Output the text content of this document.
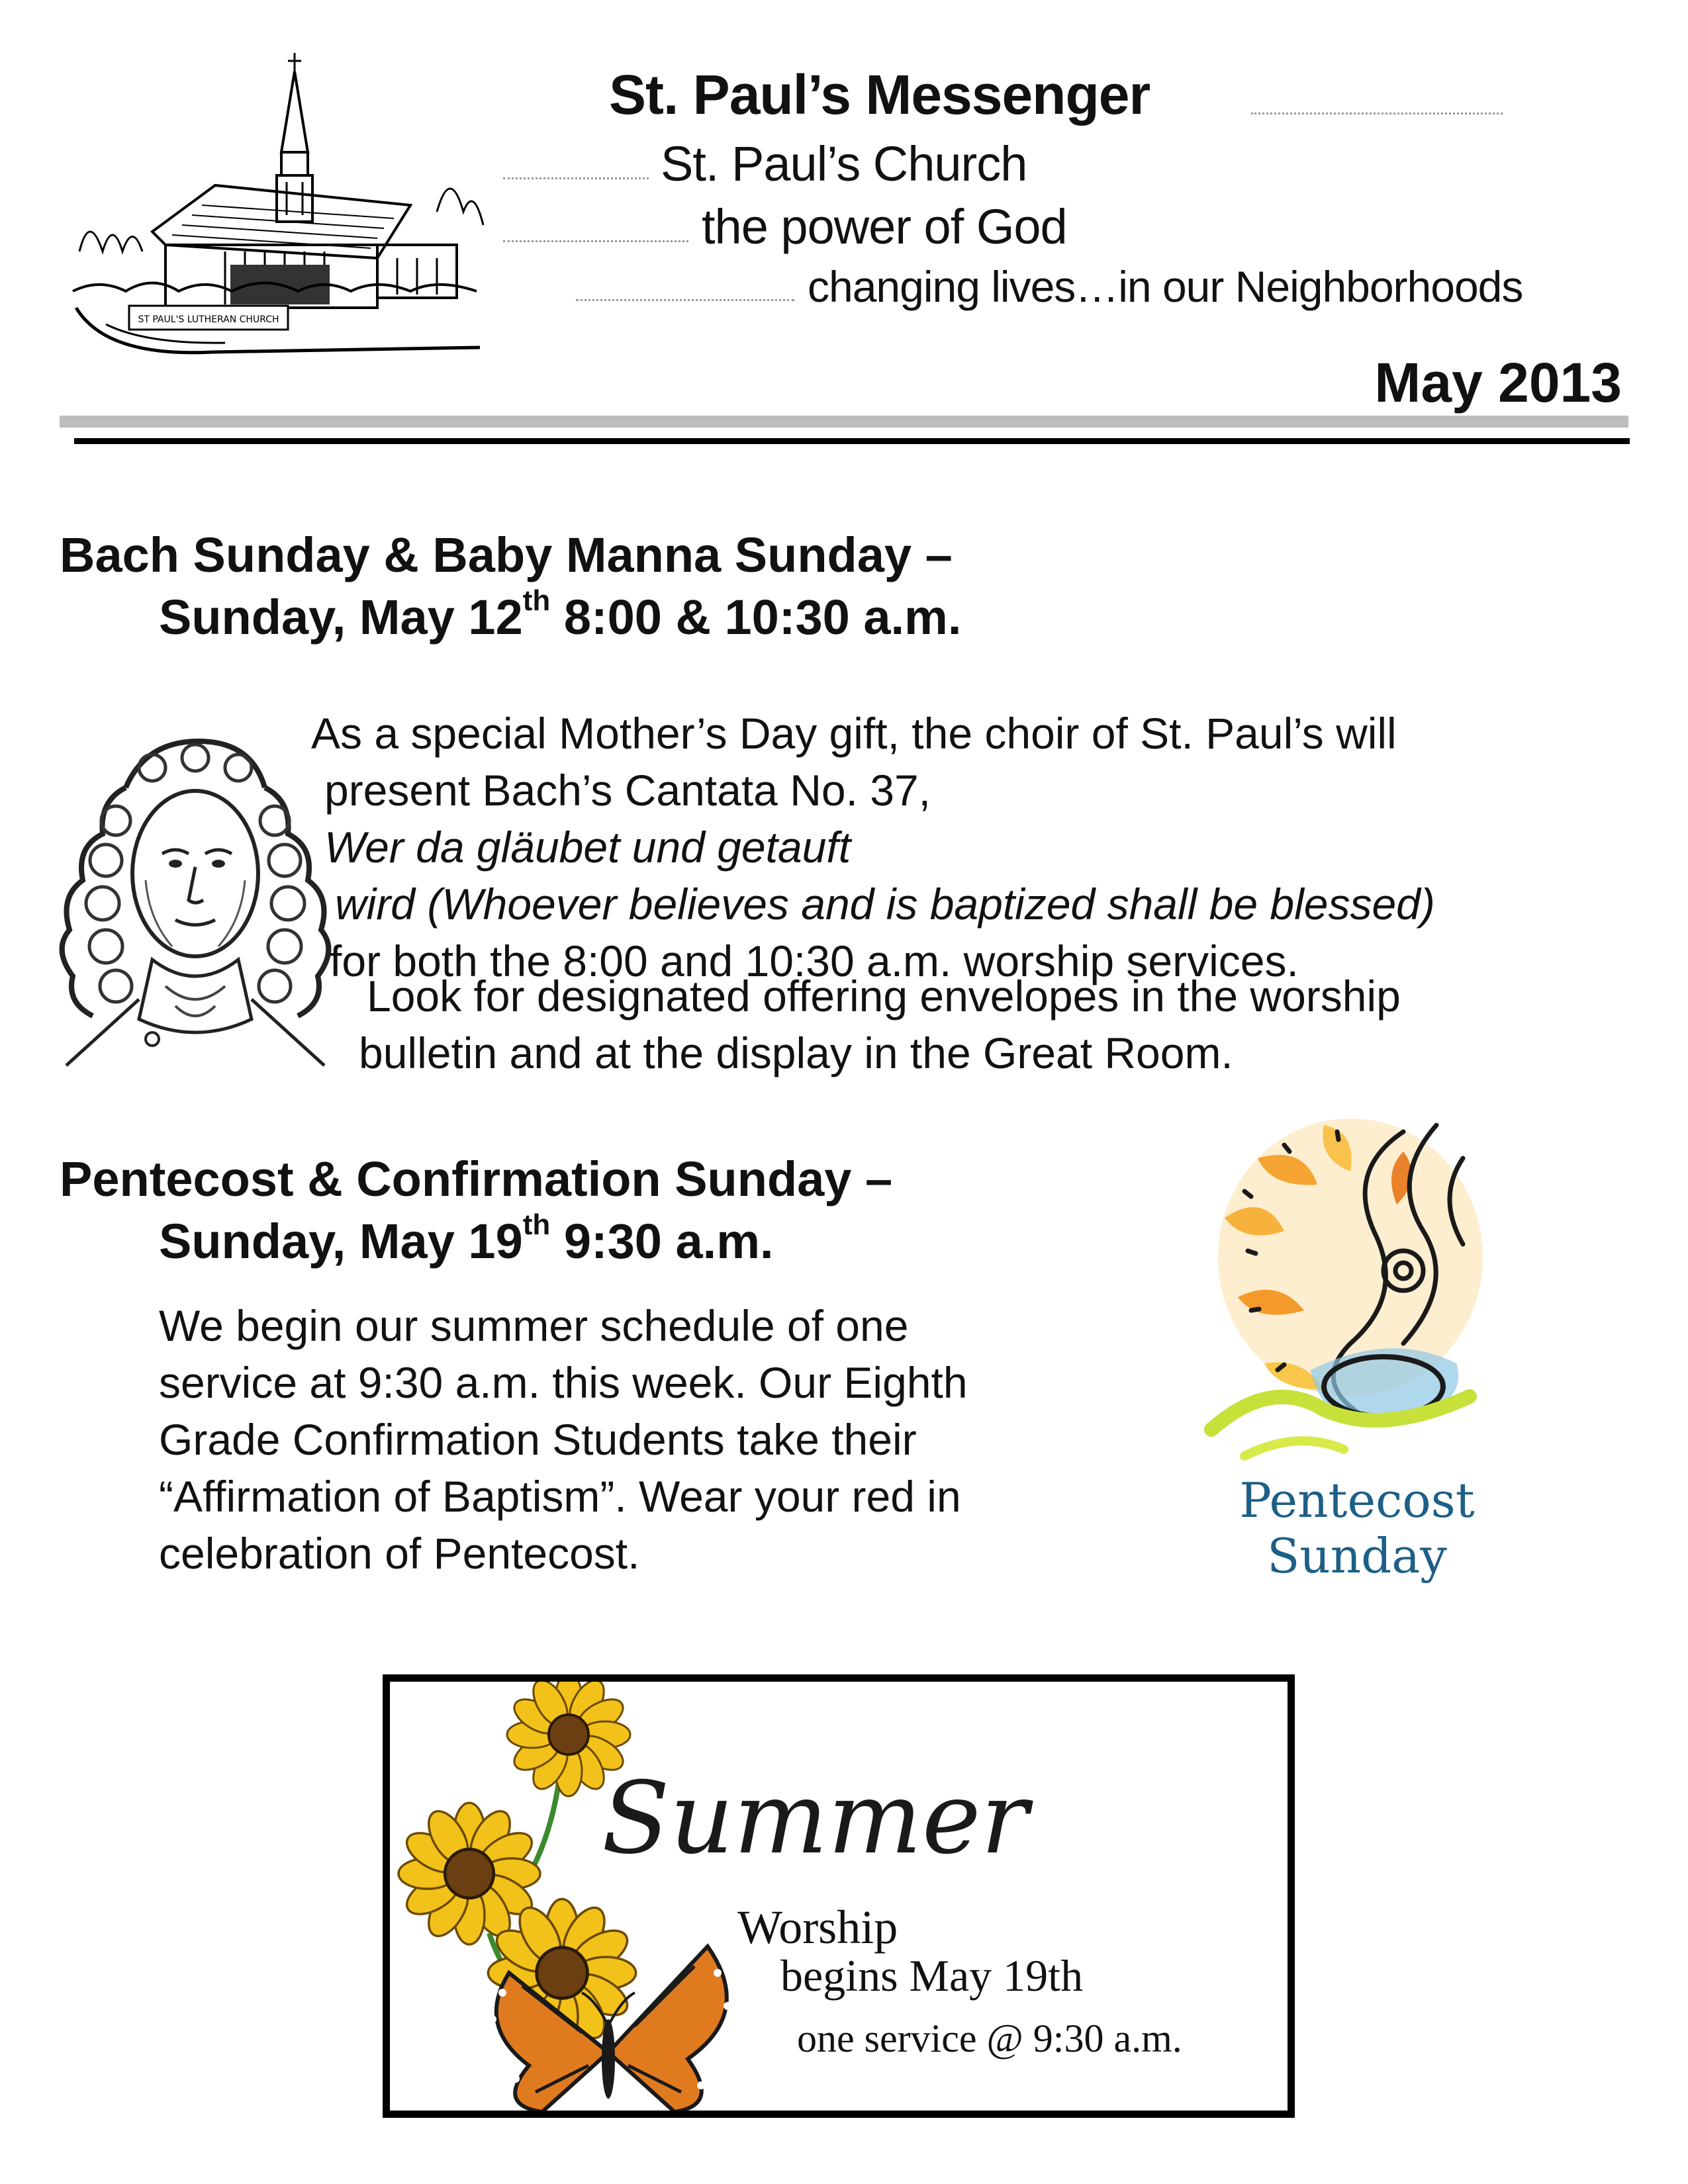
ST PAUL'S LUTHERAN CHURCH
St. Paul’s Messenger
St. Paul’s Church
the power of God
changing lives…in our Neighborhoods
May 2013
Bach Sunday & Baby Manna Sunday –
Sunday, May 12th 8:00 & 10:30 a.m.
As a special Mother’s Day gift, the choir of St. Paul’s will
present Bach’s Cantata No. 37,
Wer da gläubet und getauft
wird (Whoever believes and is baptized shall be blessed)
for both the 8:00 and 10:30 a.m. worship services.
Look for designated offering envelopes in the worship
bulletin and at the display in the Great Room.
Pentecost & Confirmation Sunday –
Sunday, May 19th 9:30 a.m.
We begin our summer schedule of one
service at 9:30 a.m. this week. Our Eighth
Grade Confirmation Students take their
“Affirmation of Baptism”. Wear your red in
celebration of Pentecost.
Pentecost
Sunday
Summer
Worship
begins May 19th
one service @ 9:30 a.m.
